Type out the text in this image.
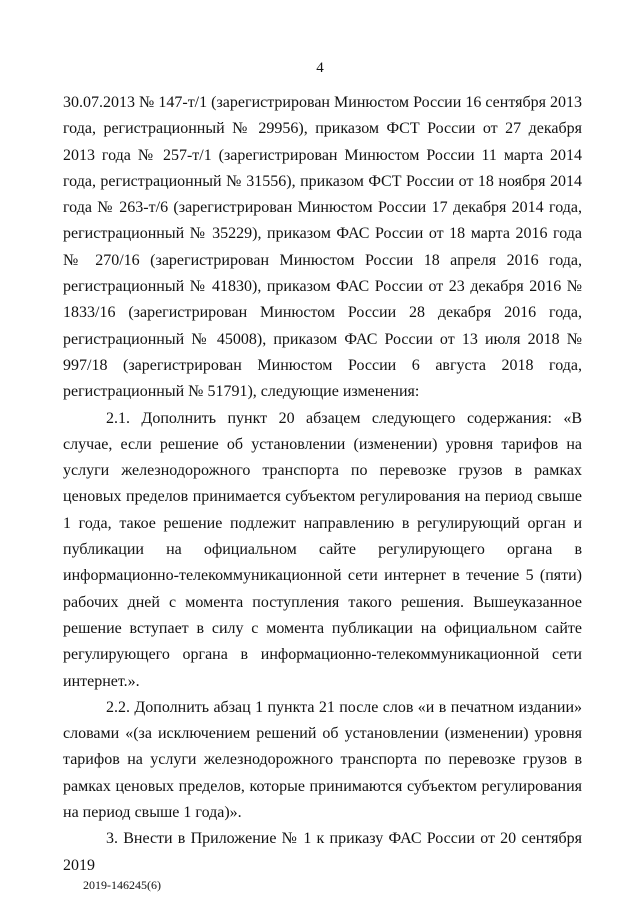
4

30.07.2013 № 147-т/1 (зарегистрирован Минюстом России 16 сентября 2013 года, регистрационный № 29956), приказом ФСТ России от 27 декабря 2013 года № 257-т/1 (зарегистрирован Минюстом России 11 марта 2014 года, регистрационный № 31556), приказом ФСТ России от 18 ноября 2014 года № 263-т/6 (зарегистрирован Минюстом России 17 декабря 2014 года, регистрационный № 35229), приказом ФАС России от 18 марта 2016 года № 270/16 (зарегистрирован Минюстом России 18 апреля 2016 года, регистрационный № 41830), приказом ФАС России от 23 декабря 2016 № 1833/16 (зарегистрирован Минюстом России 28 декабря 2016 года, регистрационный № 45008), приказом ФАС России от 13 июля 2018 № 997/18 (зарегистрирован Минюстом России 6 августа 2018 года, регистрационный № 51791), следующие изменения:

2.1. Дополнить пункт 20 абзацем следующего содержания: «В случае, если решение об установлении (изменении) уровня тарифов на услуги железнодорожного транспорта по перевозке грузов в рамках ценовых пределов принимается субъектом регулирования на период свыше 1 года, такое решение подлежит направлению в регулирующий орган и публикации на официальном сайте регулирующего органа в информационно-телекоммуникационной сети интернет в течение 5 (пяти) рабочих дней с момента поступления такого решения. Вышеуказанное решение вступает в силу с момента публикации на официальном сайте регулирующего органа в информационно-телекоммуникационной сети интернет.».

2.2. Дополнить абзац 1 пункта 21 после слов «и в печатном издании» словами «(за исключением решений об установлении (изменении) уровня тарифов на услуги железнодорожного транспорта по перевозке грузов в рамках ценовых пределов, которые принимаются субъектом регулирования на период свыше 1 года)».

3. Внести в Приложение № 1 к приказу ФАС России от 20 сентября 2019

2019-146245(6)
